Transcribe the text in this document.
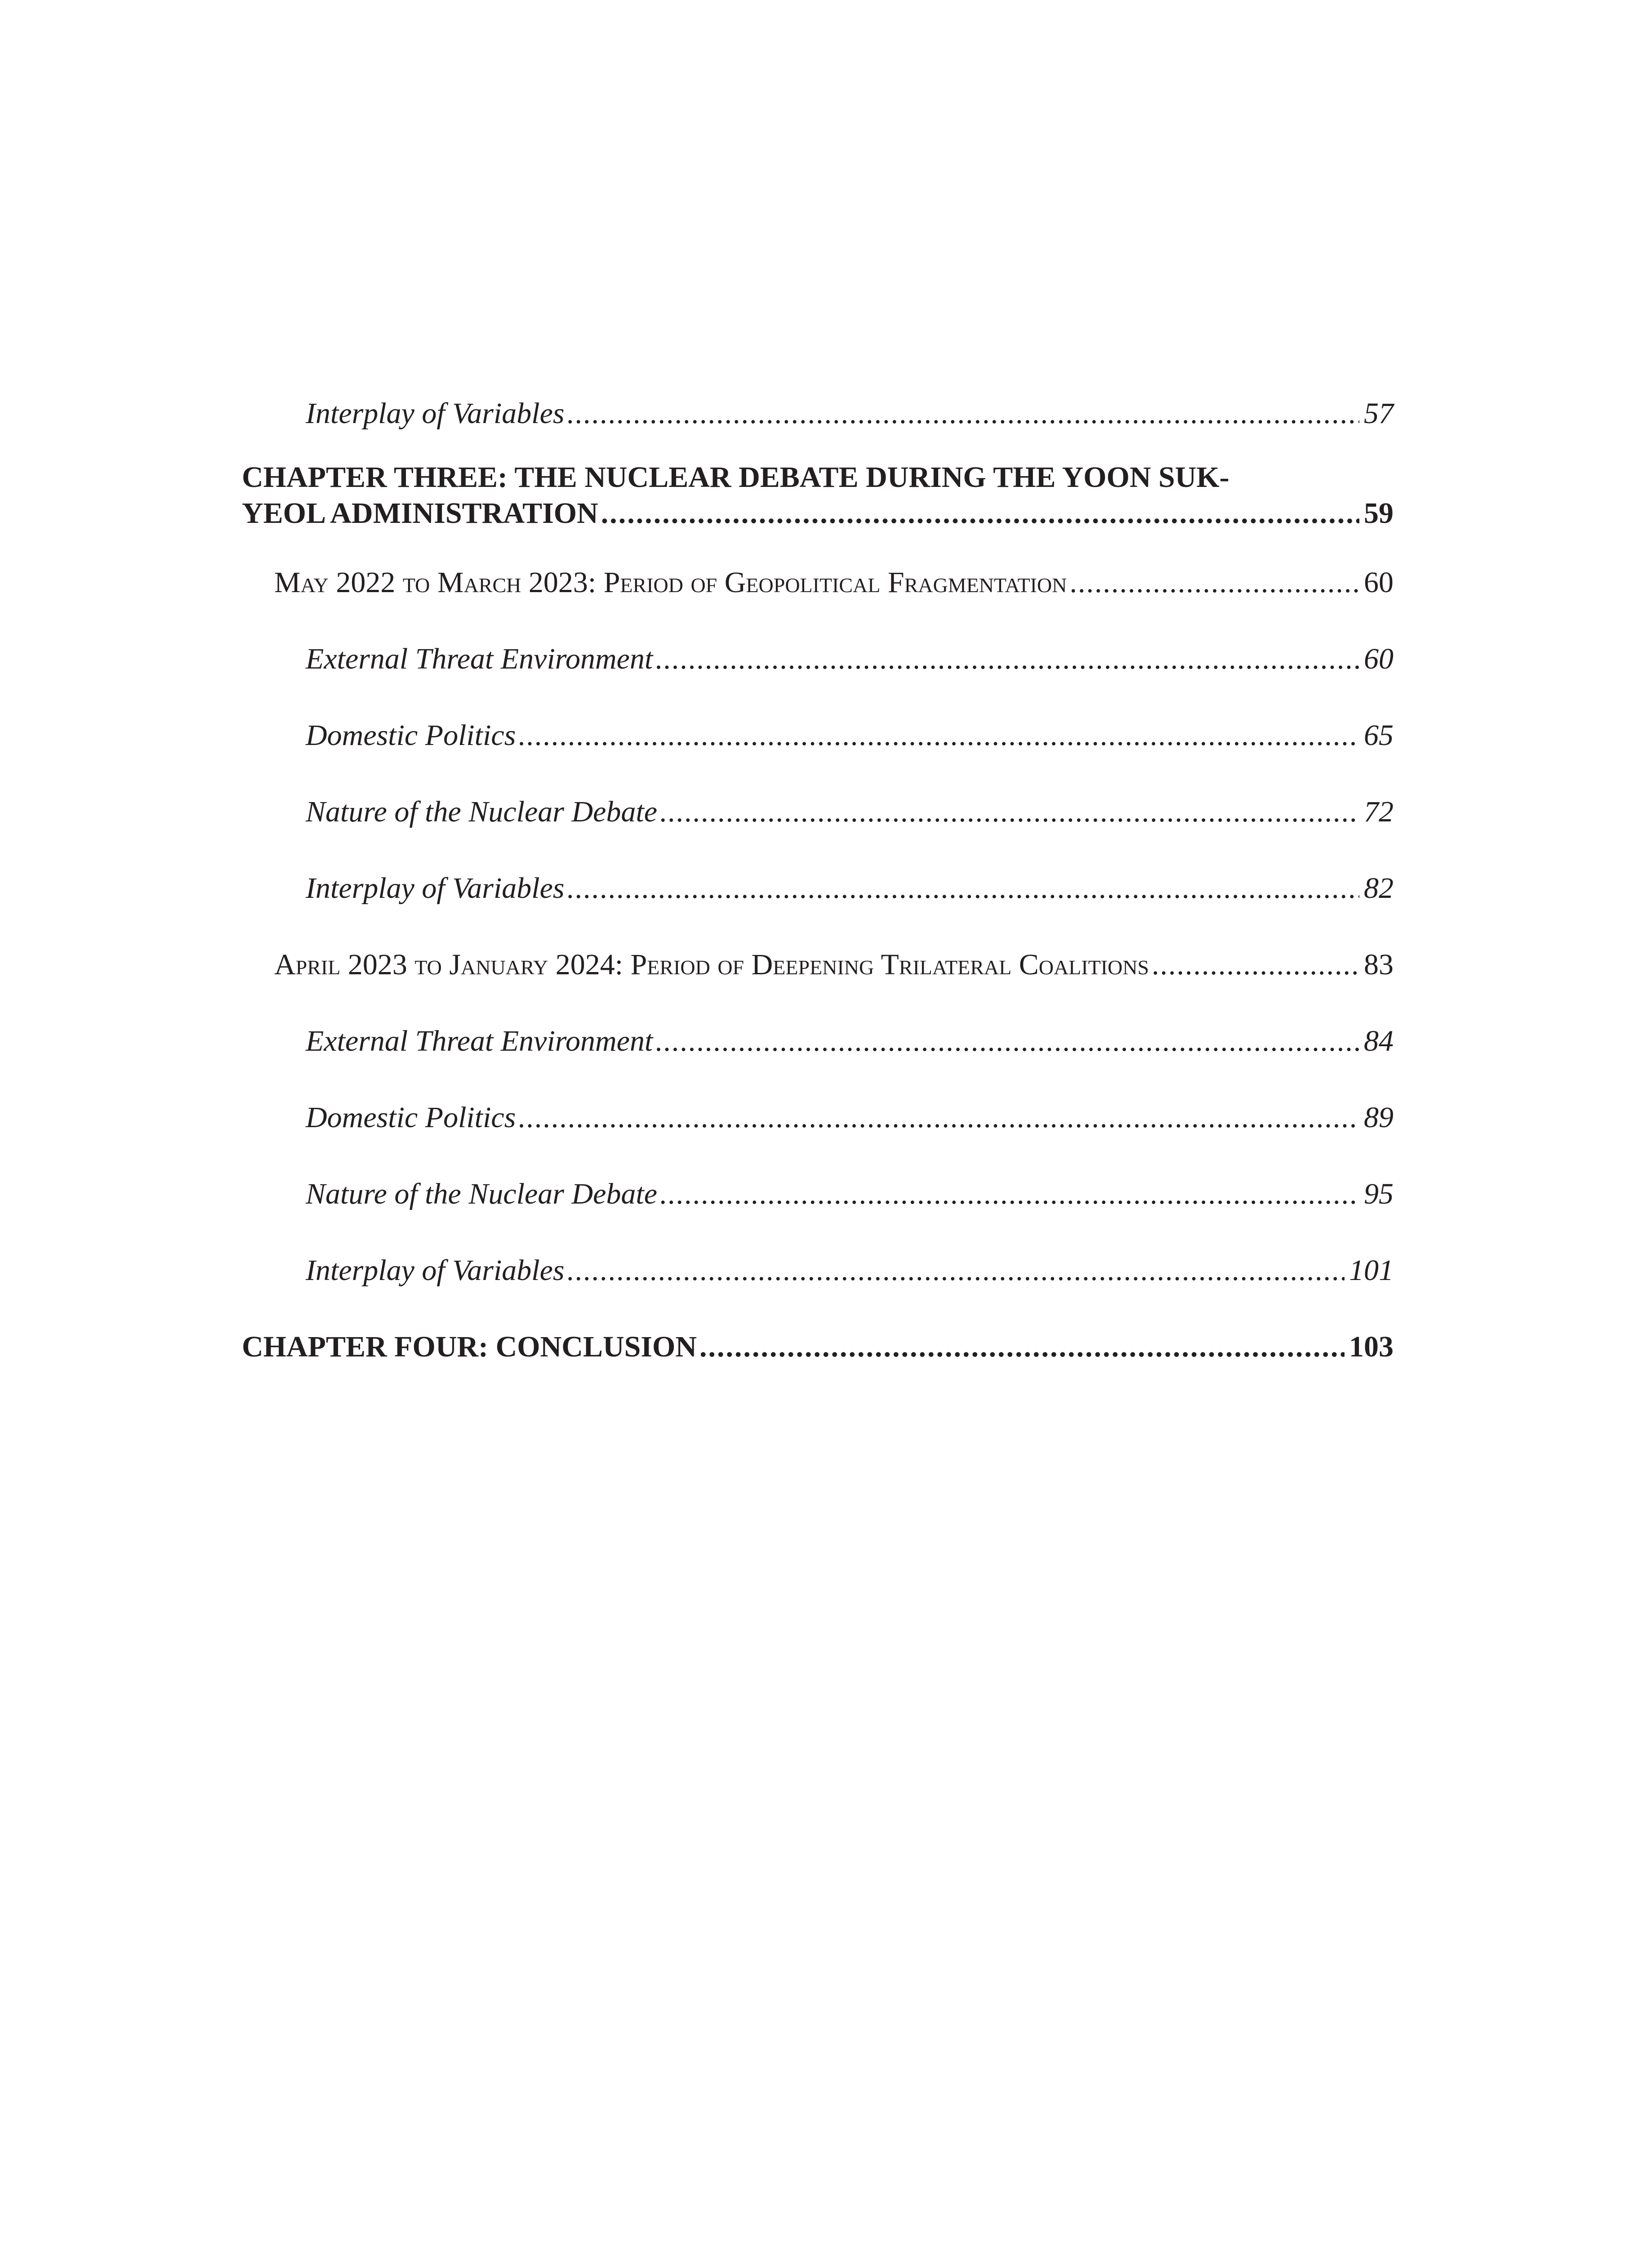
Interplay of Variables .....	57
CHAPTER THREE: THE NUCLEAR DEBATE DURING THE YOON SUK-
YEOL ADMINISTRATION .....	59
May 2022 to March 2023: Period of Geopolitical Fragmentation .....	60
External Threat Environment .....	60
Domestic Politics .....	65
Nature of the Nuclear Debate .....	72
Interplay of Variables .....	82
April 2023 to January 2024: Period of Deepening Trilateral Coalitions .....	83
External Threat Environment .....	84
Domestic Politics .....	89
Nature of the Nuclear Debate .....	95
Interplay of Variables .....	101
CHAPTER FOUR: CONCLUSION .....	103
